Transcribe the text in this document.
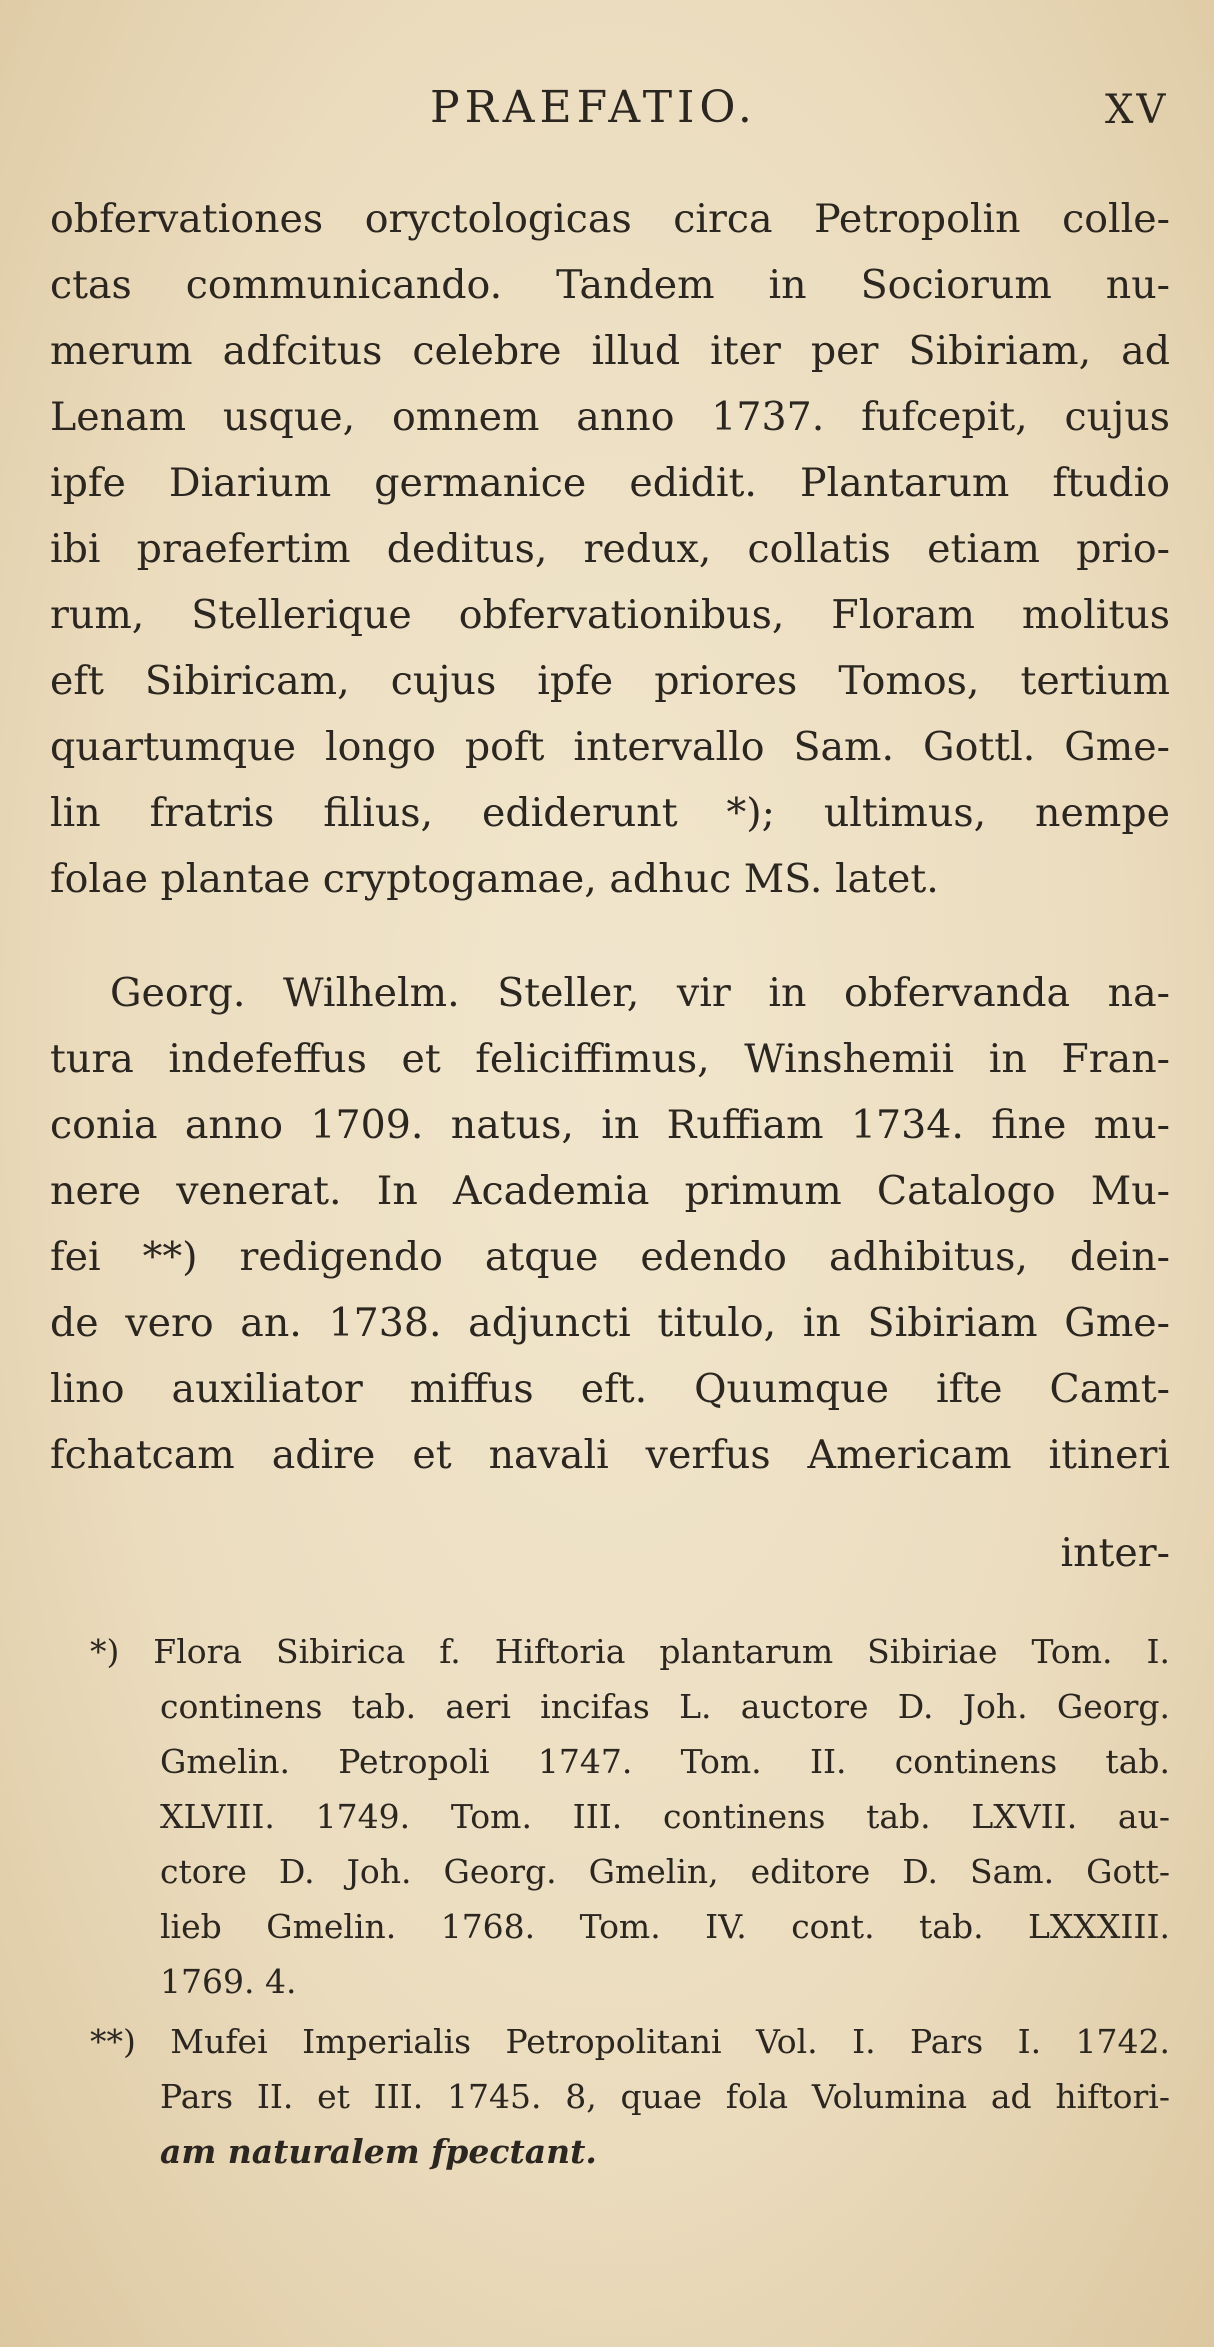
PRAEFATIO.	XV
obfervationes oryctologicas circa Petropolin colle-
ctas communicando. Tandem in Sociorum nu-
merum adfcitus celebre illud iter per Sibiriam, ad
Lenam usque, omnem anno 1737. fufcepit, cujus
ipfe Diarium germanice edidit. Plantarum ftudio
ibi praefertim deditus, redux, collatis etiam prio-
rum, Stellerique obfervationibus, Floram molitus
eft Sibiricam, cujus ipfe priores Tomos, tertium
quartumque longo poft intervallo Sam. Gottl. Gme-
lin fratris filius, ediderunt *); ultimus, nempe
folae plantae cryptogamae, adhuc MS. latet.
Georg. Wilhelm. Steller, vir in obfervanda na-
tura indefeffus et feliciffimus, Winshemii in Fran-
conia anno 1709. natus, in Ruffiam 1734. fine mu-
nere venerat. In Academia primum Catalogo Mu-
fei **) redigendo atque edendo adhibitus, dein-
de vero an. 1738. adjuncti titulo, in Sibiriam Gme-
lino auxiliator miffus eft. Quumque ifte Camt-
fchatcam adire et navali verfus Americam itineri
inter-
*) Flora Sibirica f. Hiftoria plantarum Sibiriae Tom. I.
continens tab. aeri incifas L. auctore D. Joh. Georg.
Gmelin. Petropoli 1747. Tom. II. continens tab.
XLVIII. 1749. Tom. III. continens tab. LXVII. au-
ctore D. Joh. Georg. Gmelin, editore D. Sam. Gott-
lieb Gmelin. 1768. Tom. IV. cont. tab. LXXXIII.
1769. 4.
**) Mufei Imperialis Petropolitani Vol. I. Pars I. 1742.
Pars II. et III. 1745. 8, quae fola Volumina ad hiftori-
am naturalem fpectant.
